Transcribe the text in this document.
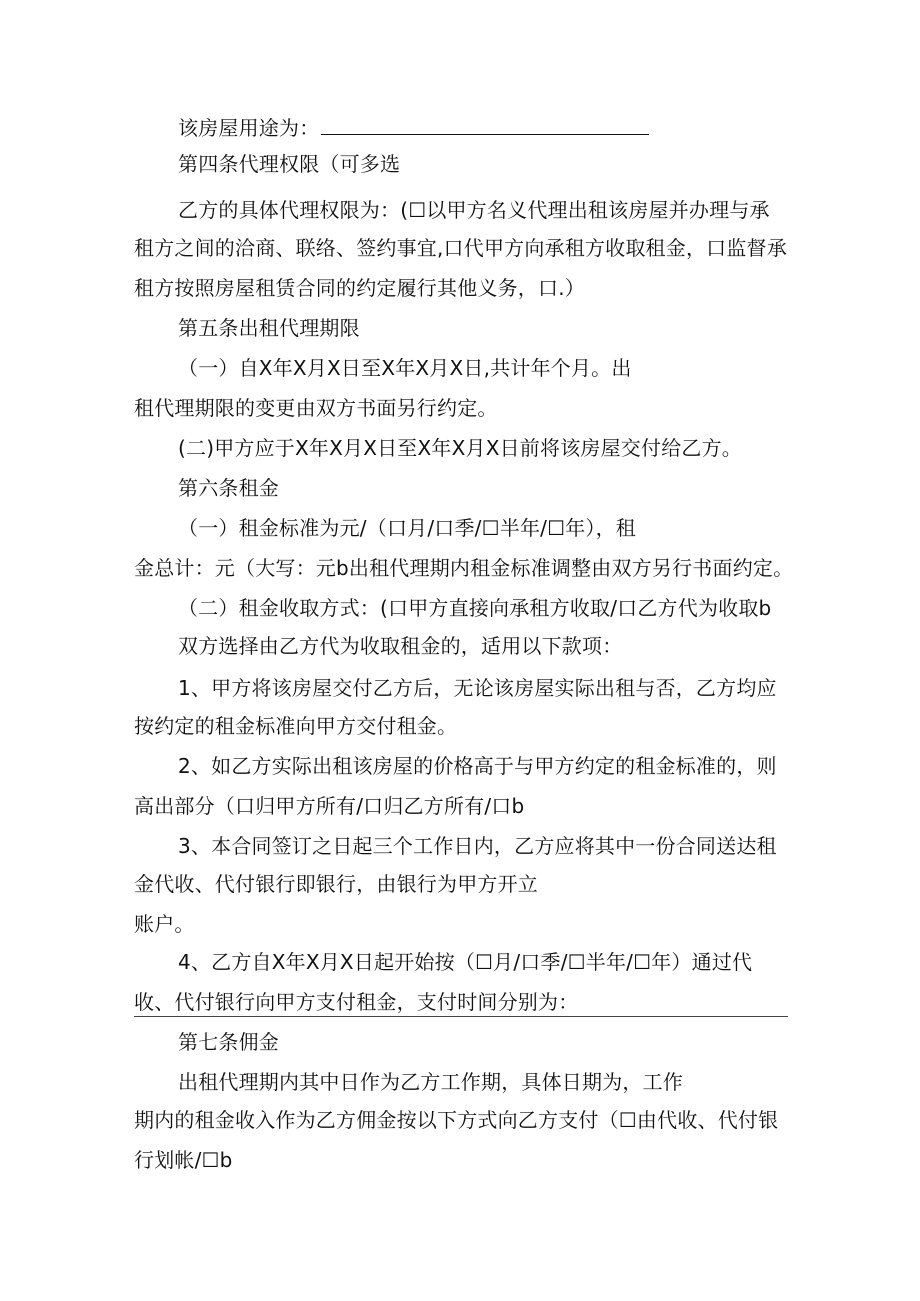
该房屋用途为：
第四条代理权限（可多选
乙方的具体代理权限为：(☐以甲方名义代理出租该房屋并办理与承
租方之间的洽商、联络、签约事宜,口代甲方向承租方收取租金，口监督承
租方按照房屋租赁合同的约定履行其他义务，口.）
第五条出租代理期限
（一）自X年X月X日至X年X月X日,共计年个月。出
租代理期限的变更由双方书面另行约定。
(二)甲方应于X年X月X日至X年X月X日前将该房屋交付给乙方。
第六条租金
（一）租金标准为元/（口月/口季/☐半年/☐年），租
金总计：元（大写：元b出租代理期内租金标准调整由双方另行书面约定。
（二）租金收取方式：(口甲方直接向承租方收取/口乙方代为收取b
双方选择由乙方代为收取租金的，适用以下款项：
1、甲方将该房屋交付乙方后，无论该房屋实际出租与否，乙方均应
按约定的租金标准向甲方交付租金。
2、如乙方实际出租该房屋的价格高于与甲方约定的租金标准的，则
高出部分（口归甲方所有/口归乙方所有/口b
3、本合同签订之日起三个工作日内，乙方应将其中一份合同送达租
金代收、代付银行即银行，由银行为甲方开立
账户。
4、乙方自X年X月X日起开始按（☐月/口季/☐半年/☐年）通过代
收、代付银行向甲方支付租金，支付时间分别为：
第七条佣金
出租代理期内其中日作为乙方工作期，具体日期为，工作
期内的租金收入作为乙方佣金按以下方式向乙方支付（☐由代收、代付银
行划帐/☐b
